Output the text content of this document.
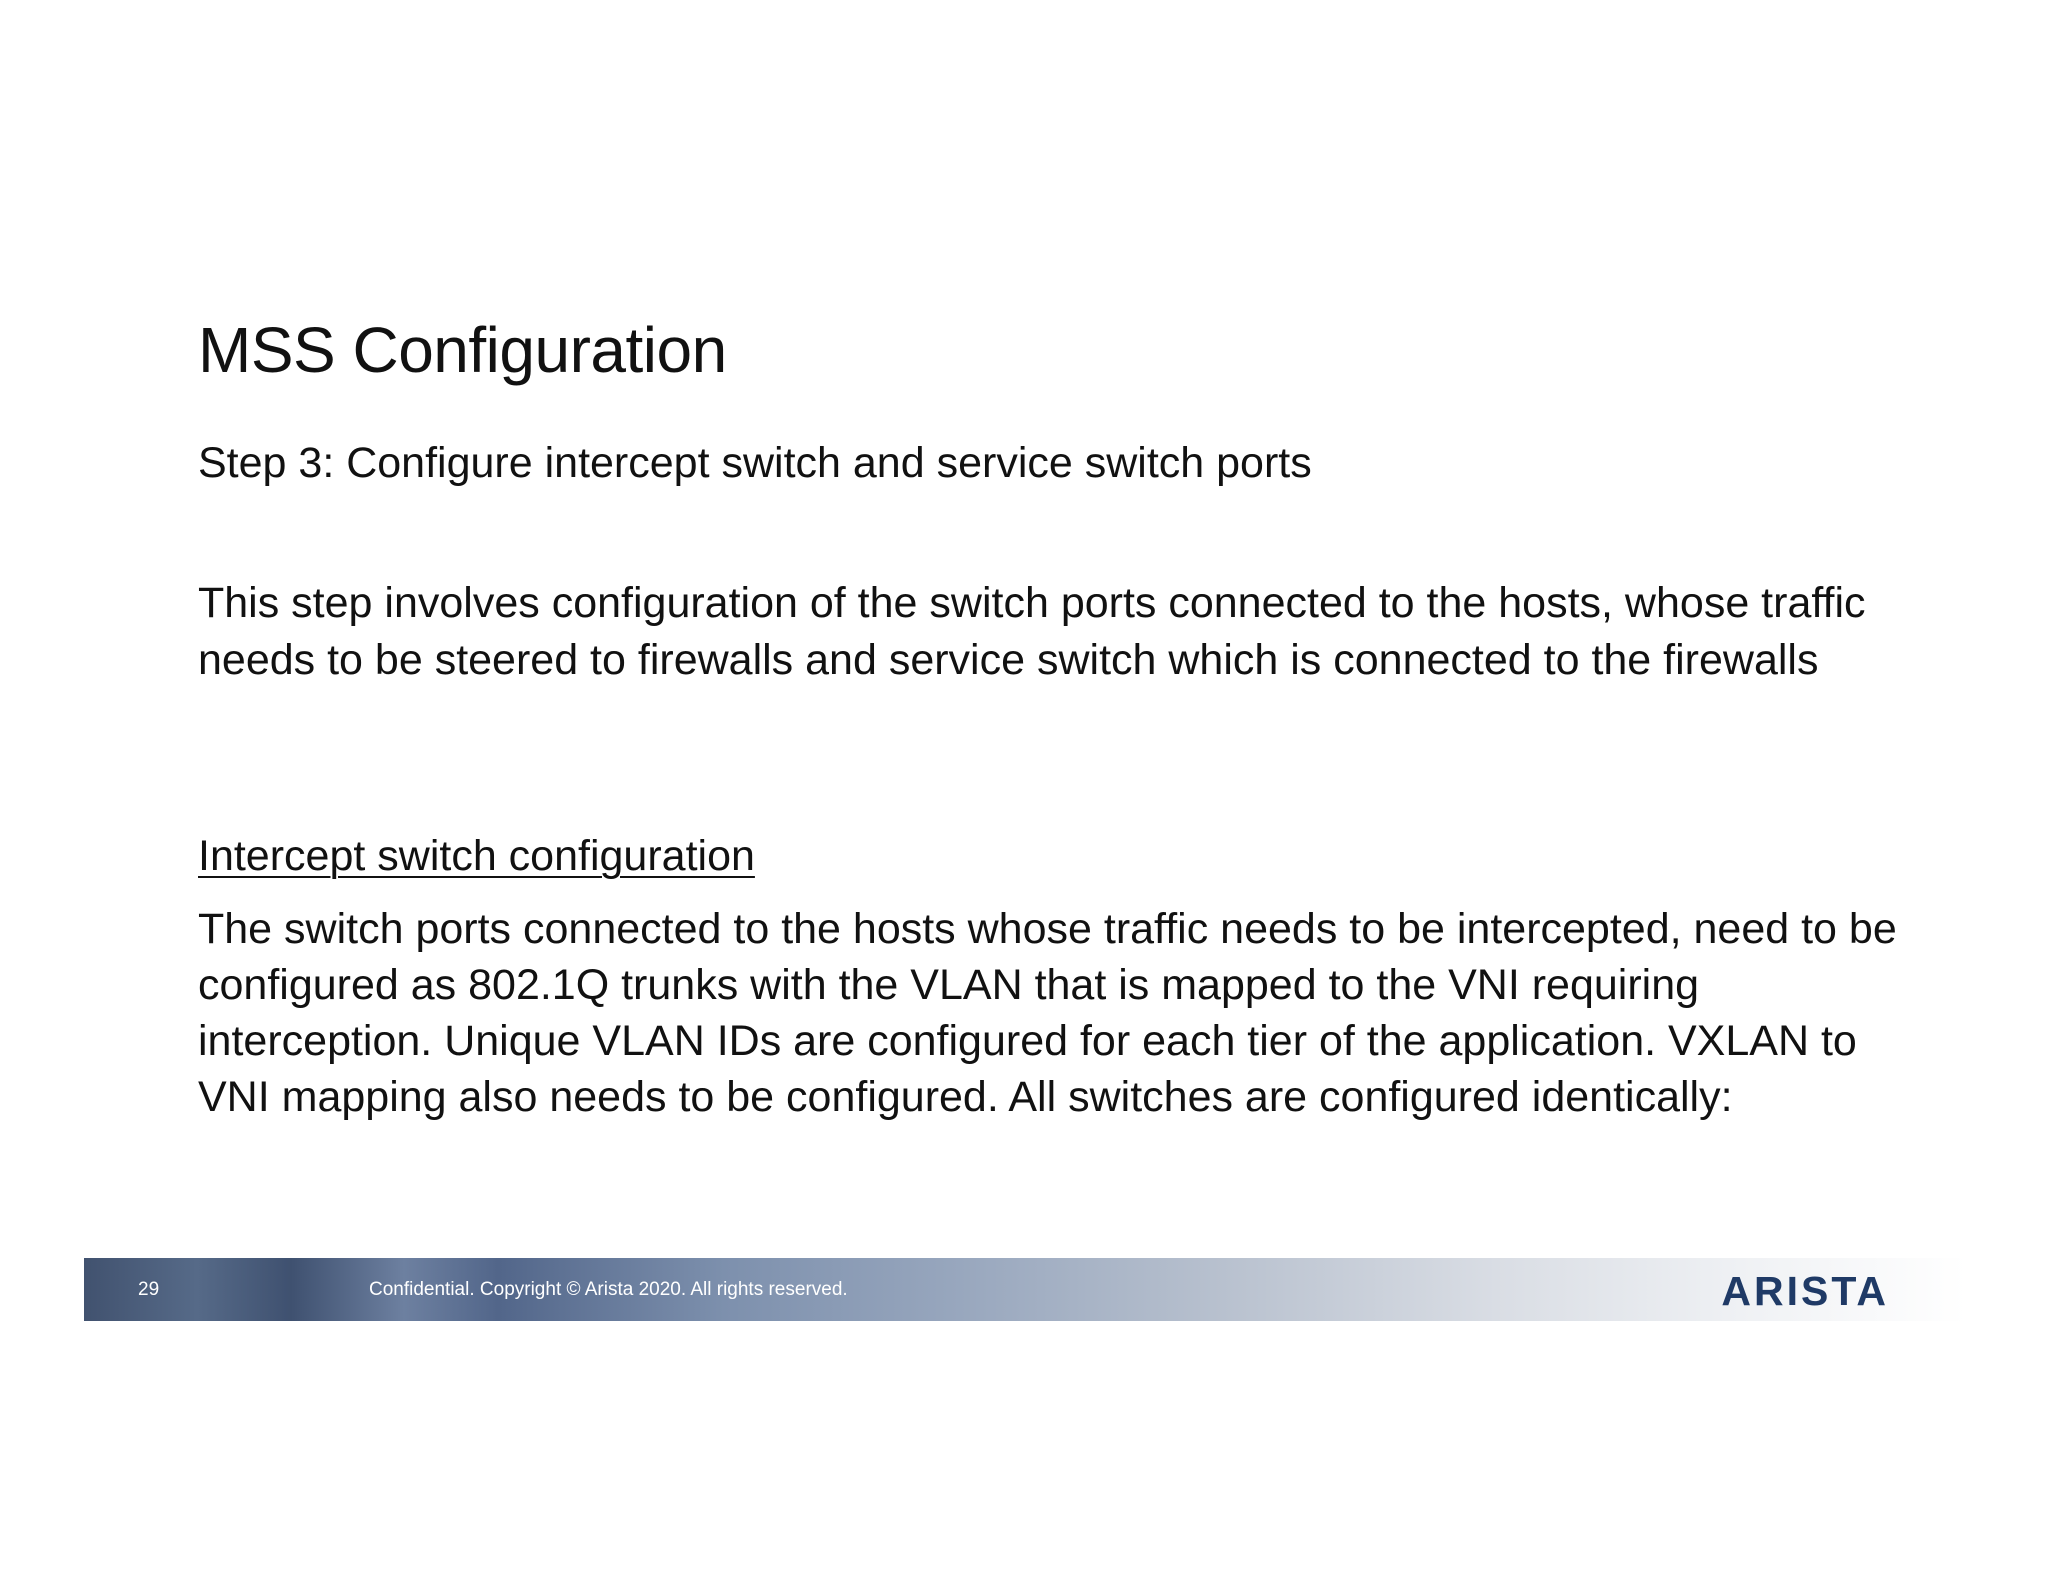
MSS Configuration

Step 3: Configure intercept switch and service switch ports

This step involves configuration of the switch ports connected to the hosts, whose traffic needs to be steered to firewalls and service switch which is connected to the firewalls

Intercept switch configuration

The switch ports connected to the hosts whose traffic needs to be intercepted, need to be configured as 802.1Q trunks with the VLAN that is mapped to the VNI requiring interception. Unique VLAN IDs are configured for each tier of the application. VXLAN to VNI mapping also needs to be configured. All switches are configured identically:

29	Confidential. Copyright © Arista 2020. All rights reserved.	ARISTA
